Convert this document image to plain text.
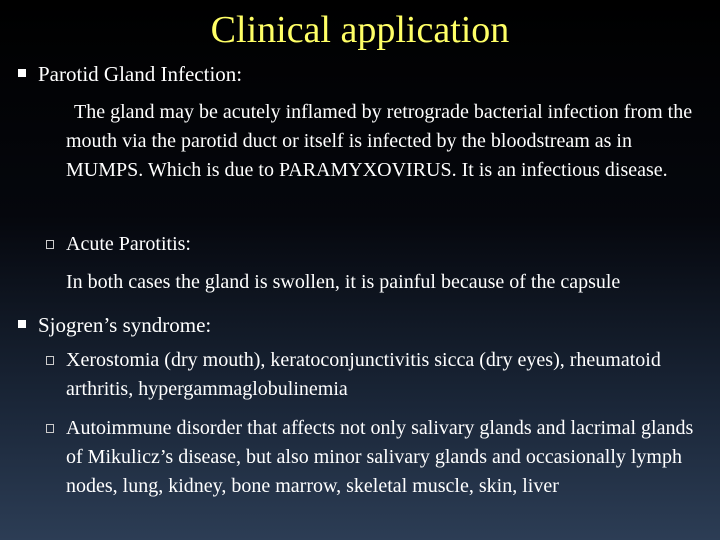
Clinical application
Parotid Gland Infection:
The gland may be acutely inflamed by retrograde bacterial infection from the mouth via the parotid duct or itself is infected by the bloodstream as in MUMPS. Which is due to PARAMYXOVIRUS. It is an infectious disease.
Acute Parotitis:
In both cases the gland is swollen, it is painful because of the capsule
Sjogren’s syndrome:
Xerostomia (dry mouth), keratoconjunctivitis sicca (dry eyes), rheumatoid arthritis, hypergammaglobulinemia
Autoimmune disorder that affects not only salivary glands and lacrimal glands of Mikulicz’s disease, but also minor salivary glands and occasionally lymph nodes, lung, kidney, bone marrow, skeletal muscle, skin, liver
